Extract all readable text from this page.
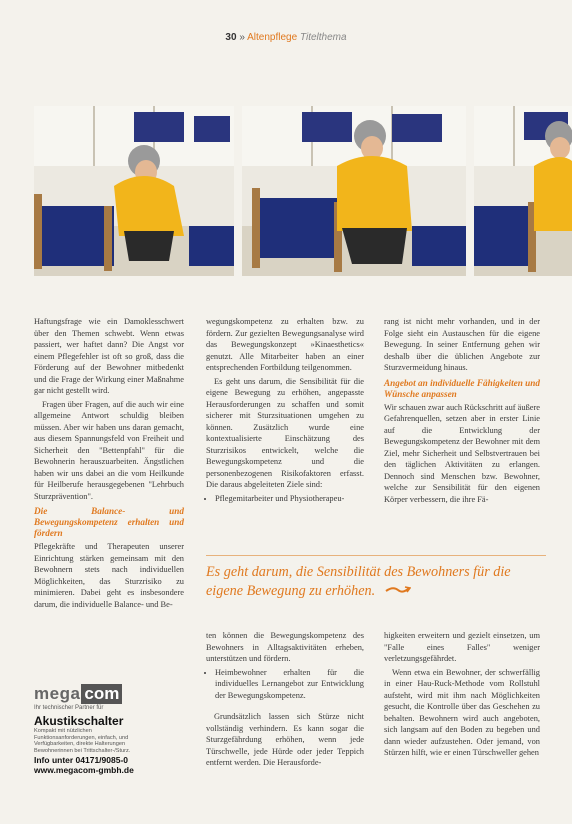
30 » Altenpflege Titelthema

Haftungsfrage wie ein Damoklesschwert über den Themen schwebt. Wenn etwas passiert, wer haftet dann? Die Angst vor einem Pflegefehler ist oft so groß, dass die Förderung auf der Bewohner mitbedenkt und die Frage der Wirkung einer Maßnahme gar nicht gestellt wird.

Fragen über Fragen, auf die auch wir eine allgemeine Antwort schuldig bleiben müssen. Aber wir haben uns daran gemacht, aus diesem Spannungsfeld von Freiheit und Sicherheit den "Bettenpfahl" für die Bewohnerin herauszuarbeiten. Ängstlichen haben wir uns dabei an die vom Heilkunde für Heilberufe herausgegebenen "Lehrbuch Sturzprävention".

Die Balance- und Bewegungskompetenz erhalten und fördern

Pflegekräfte und Therapeuten unserer Einrichtung stärken gemeinsam mit den Bewohnern stets nach individuellen Möglichkeiten, das Sturzrisiko zu minimieren. Dabei geht es insbesondere darum, die individuelle Balance- und Be-

wegungskompetenz zu erhalten bzw. zu fördern. Zur gezielten Bewegungsanalyse wird das Bewegungskonzept »Kinaesthetics« genutzt. Alle Mitarbeiter haben an einer entsprechenden Fortbildung teilgenommen.

Es geht uns darum, die Sensibilität für die eigene Bewegung zu erhöhen, angepasste Herausforderungen zu schaffen und somit sicherer mit Sturzsituationen umgehen zu können. Zusätzlich wurde eine kontextualisierte Einschätzung des Sturzrisikos entwickelt, welche die Bewegungskompetenz und die personenbezogenen Risikofaktoren erfasst. Die daraus abgeleiteten Ziele sind:

• Pflegemitarbeiter und Physiotherapeu-

rang ist nicht mehr vorhanden, und in der Folge sieht ein Austauschen für die eigene Bewegung. In seiner Entfernung gehen wir deshalb über die üblichen Angebote zur Sturzvermeidung hinaus.

Angebot an individuelle Fähigkeiten und Wünsche anpassen

Wir schauen zwar auch Rückschritt auf äußere Gefahrenquellen, setzen aber in erster Linie auf die Entwicklung der Bewegungskompetenz der Bewohner mit dem Ziel, mehr Sicherheit und Selbstvertrauen bei den täglichen Aktivitäten zu erlangen. Dennoch sind Menschen bzw. Bewohner, welche zur Sensibilität für den eigenen Körper verbessern, die ihre Fä-

Es geht darum, die Sensibilität des Bewohners für die eigene Bewegung zu erhöhen.
mega com
Ihr technischer Partner für
Akustikschalter
Kompakt mit nützlichen
Funktionsanforderungen, einfach, und
Verfügbarkeiten, direkte Halterungen
Bewohnerinnen bei Trittschalter-/Sturz.
Info unter 04171/9085-0
www.megacom-gmbh.de

ten können die Bewegungskompetenz des Bewohners in Alltagsaktivitäten erheben, unterstützen und fördern.

• Heimbewohner erhalten für die individuelles Lernangebot zur Entwicklung der Bewegungskompetenz.

Grundsätzlich lassen sich Stürze nicht vollständig verhindern. Es kann sogar die Sturzgefährdung erhöhen, wenn jede Türschwelle, jede Hürde oder jeder Teppich entfernt werden. Die Herausforde-

higkeiten erweitern und gezielt einsetzen, um "Falle eines Falles" weniger verletzungsgefährdet.

Wenn etwa ein Bewohner, der schwerfällig in einer Hau-Ruck-Methode vom Rollstuhl aufsteht, wird mit ihm nach Möglichkeiten gesucht, die Kontrolle über das Geschehen zu behalten. Bewohnern wird auch angeboten, sich langsam auf den Boden zu begeben und dann wieder aufzustehen. Oder jemand, von Stürzen hilft, wie er einen Türschweller gehen
